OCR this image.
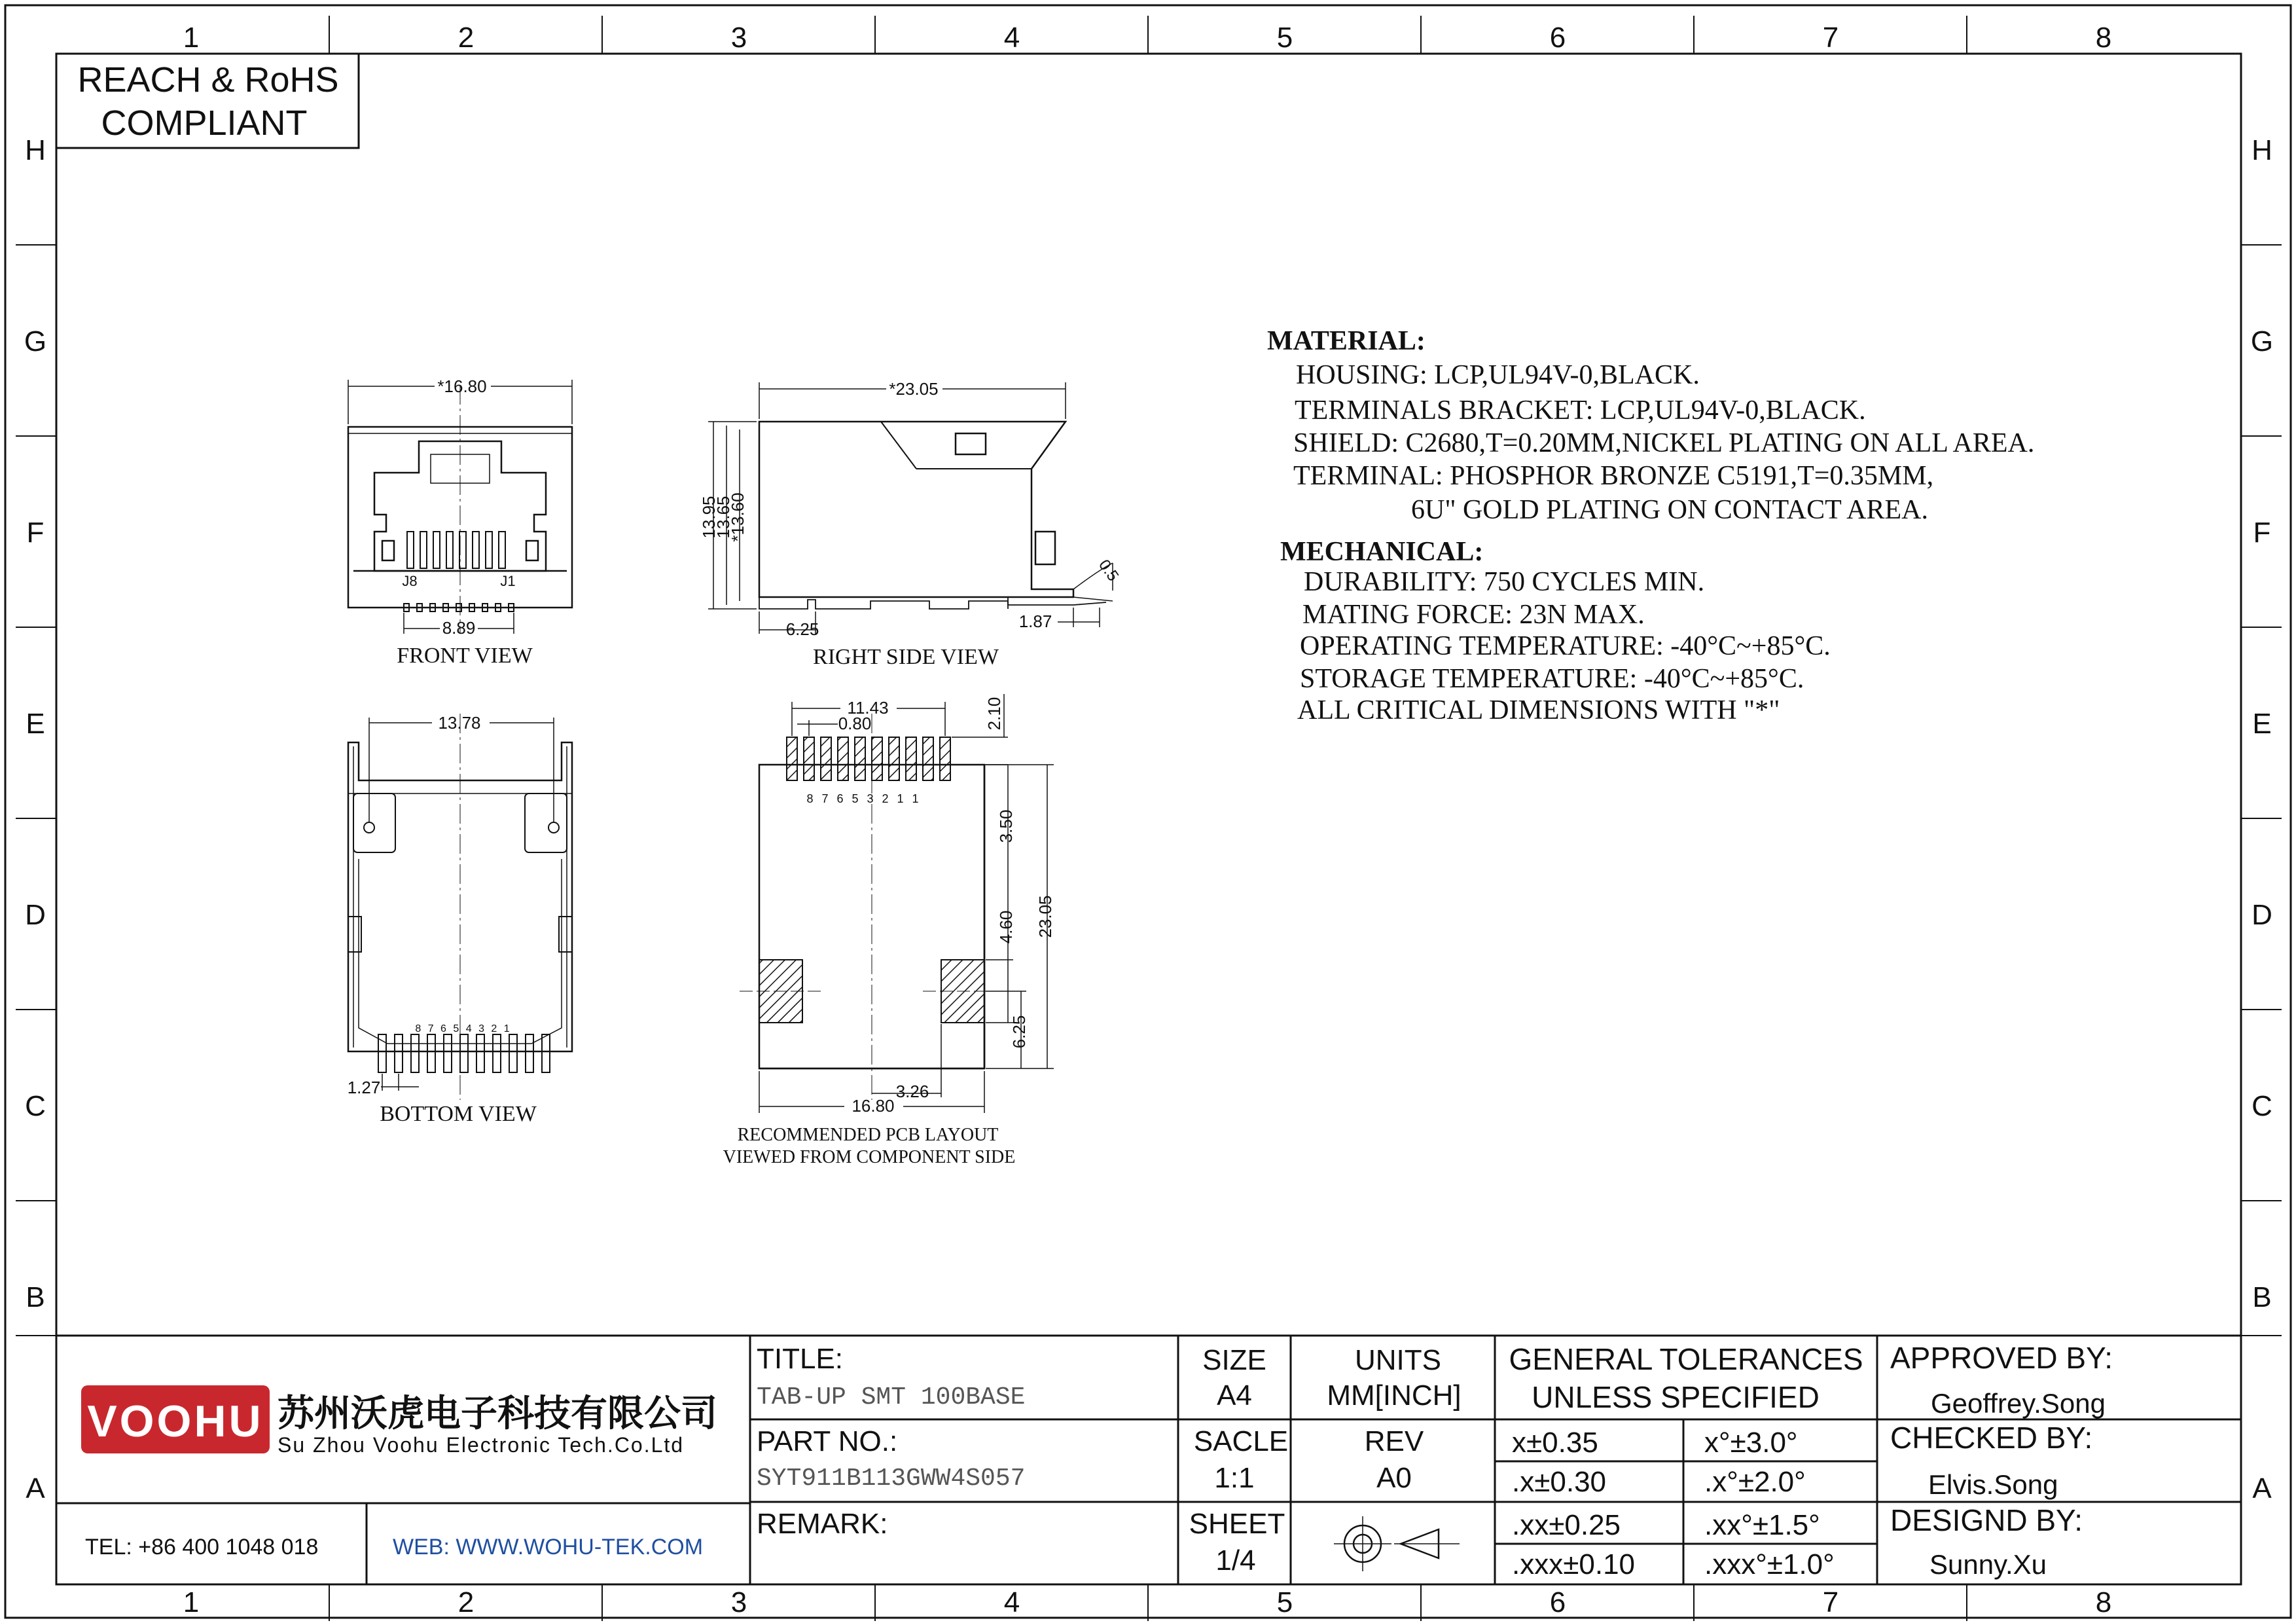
1	2	3	4	5	6	7	8
1	2	3	4	5	6	7	8
H
G
F
E
D
C
B
A
H
G
F
E
D
C
B
A
REACH & RoHS
COMPLIANT
*16.80
8.89
J8	J1
FRONT VIEW
*23.05
13.95
13.65
*13.60
6.25	1.87
0.5
RIGHT SIDE VIEW
13.78
1.27
8 7 6 5 4 3 2 1
BOTTOM VIEW
11.43
0.80	2.10
3.50
4.60
6.25
23.05
16.80
3.26
8 7 6 5 3 2 1 1
RECOMMENDED PCB LAYOUT
VIEWED FROM COMPONENT SIDE
MATERIAL:
HOUSING: LCP,UL94V-0,BLACK.
TERMINALS BRACKET: LCP,UL94V-0,BLACK.
SHIELD: C2680,T=0.20MM,NICKEL PLATING ON ALL AREA.
TERMINAL: PHOSPHOR BRONZE C5191,T=0.35MM,
6U" GOLD PLATING ON CONTACT AREA.
MECHANICAL:
DURABILITY: 750 CYCLES MIN.
MATING FORCE: 23N MAX.
OPERATING TEMPERATURE: -40°C~+85°C.
STORAGE TEMPERATURE: -40°C~+85°C.
ALL CRITICAL DIMENSIONS WITH "*"
VOOHU 苏州沃虎电子科技有限公司
Su Zhou Voohu Electronic Tech.Co.Ltd
TEL: +86 400 1048 018	WEB: WWW.WOHU-TEK.COM
TITLE:
TAB-UP SMT 100BASE
PART NO.:
SYT911B113GWW4S057
REMARK:
SIZE
A4
UNITS
MM[INCH]
SACLE
1:1
REV
A0
SHEET
1/4
GENERAL TOLERANCES
UNLESS SPECIFIED
x±0.35	x°±3.0°
.x±0.30	.x°±2.0°
.xx±0.25	.xx°±1.5°
.xxx±0.10 .xxx°±1.0°
APPROVED BY:
Geoffrey.Song
CHECKED BY:
Elvis.Song
DESIGND BY:
Sunny.Xu
